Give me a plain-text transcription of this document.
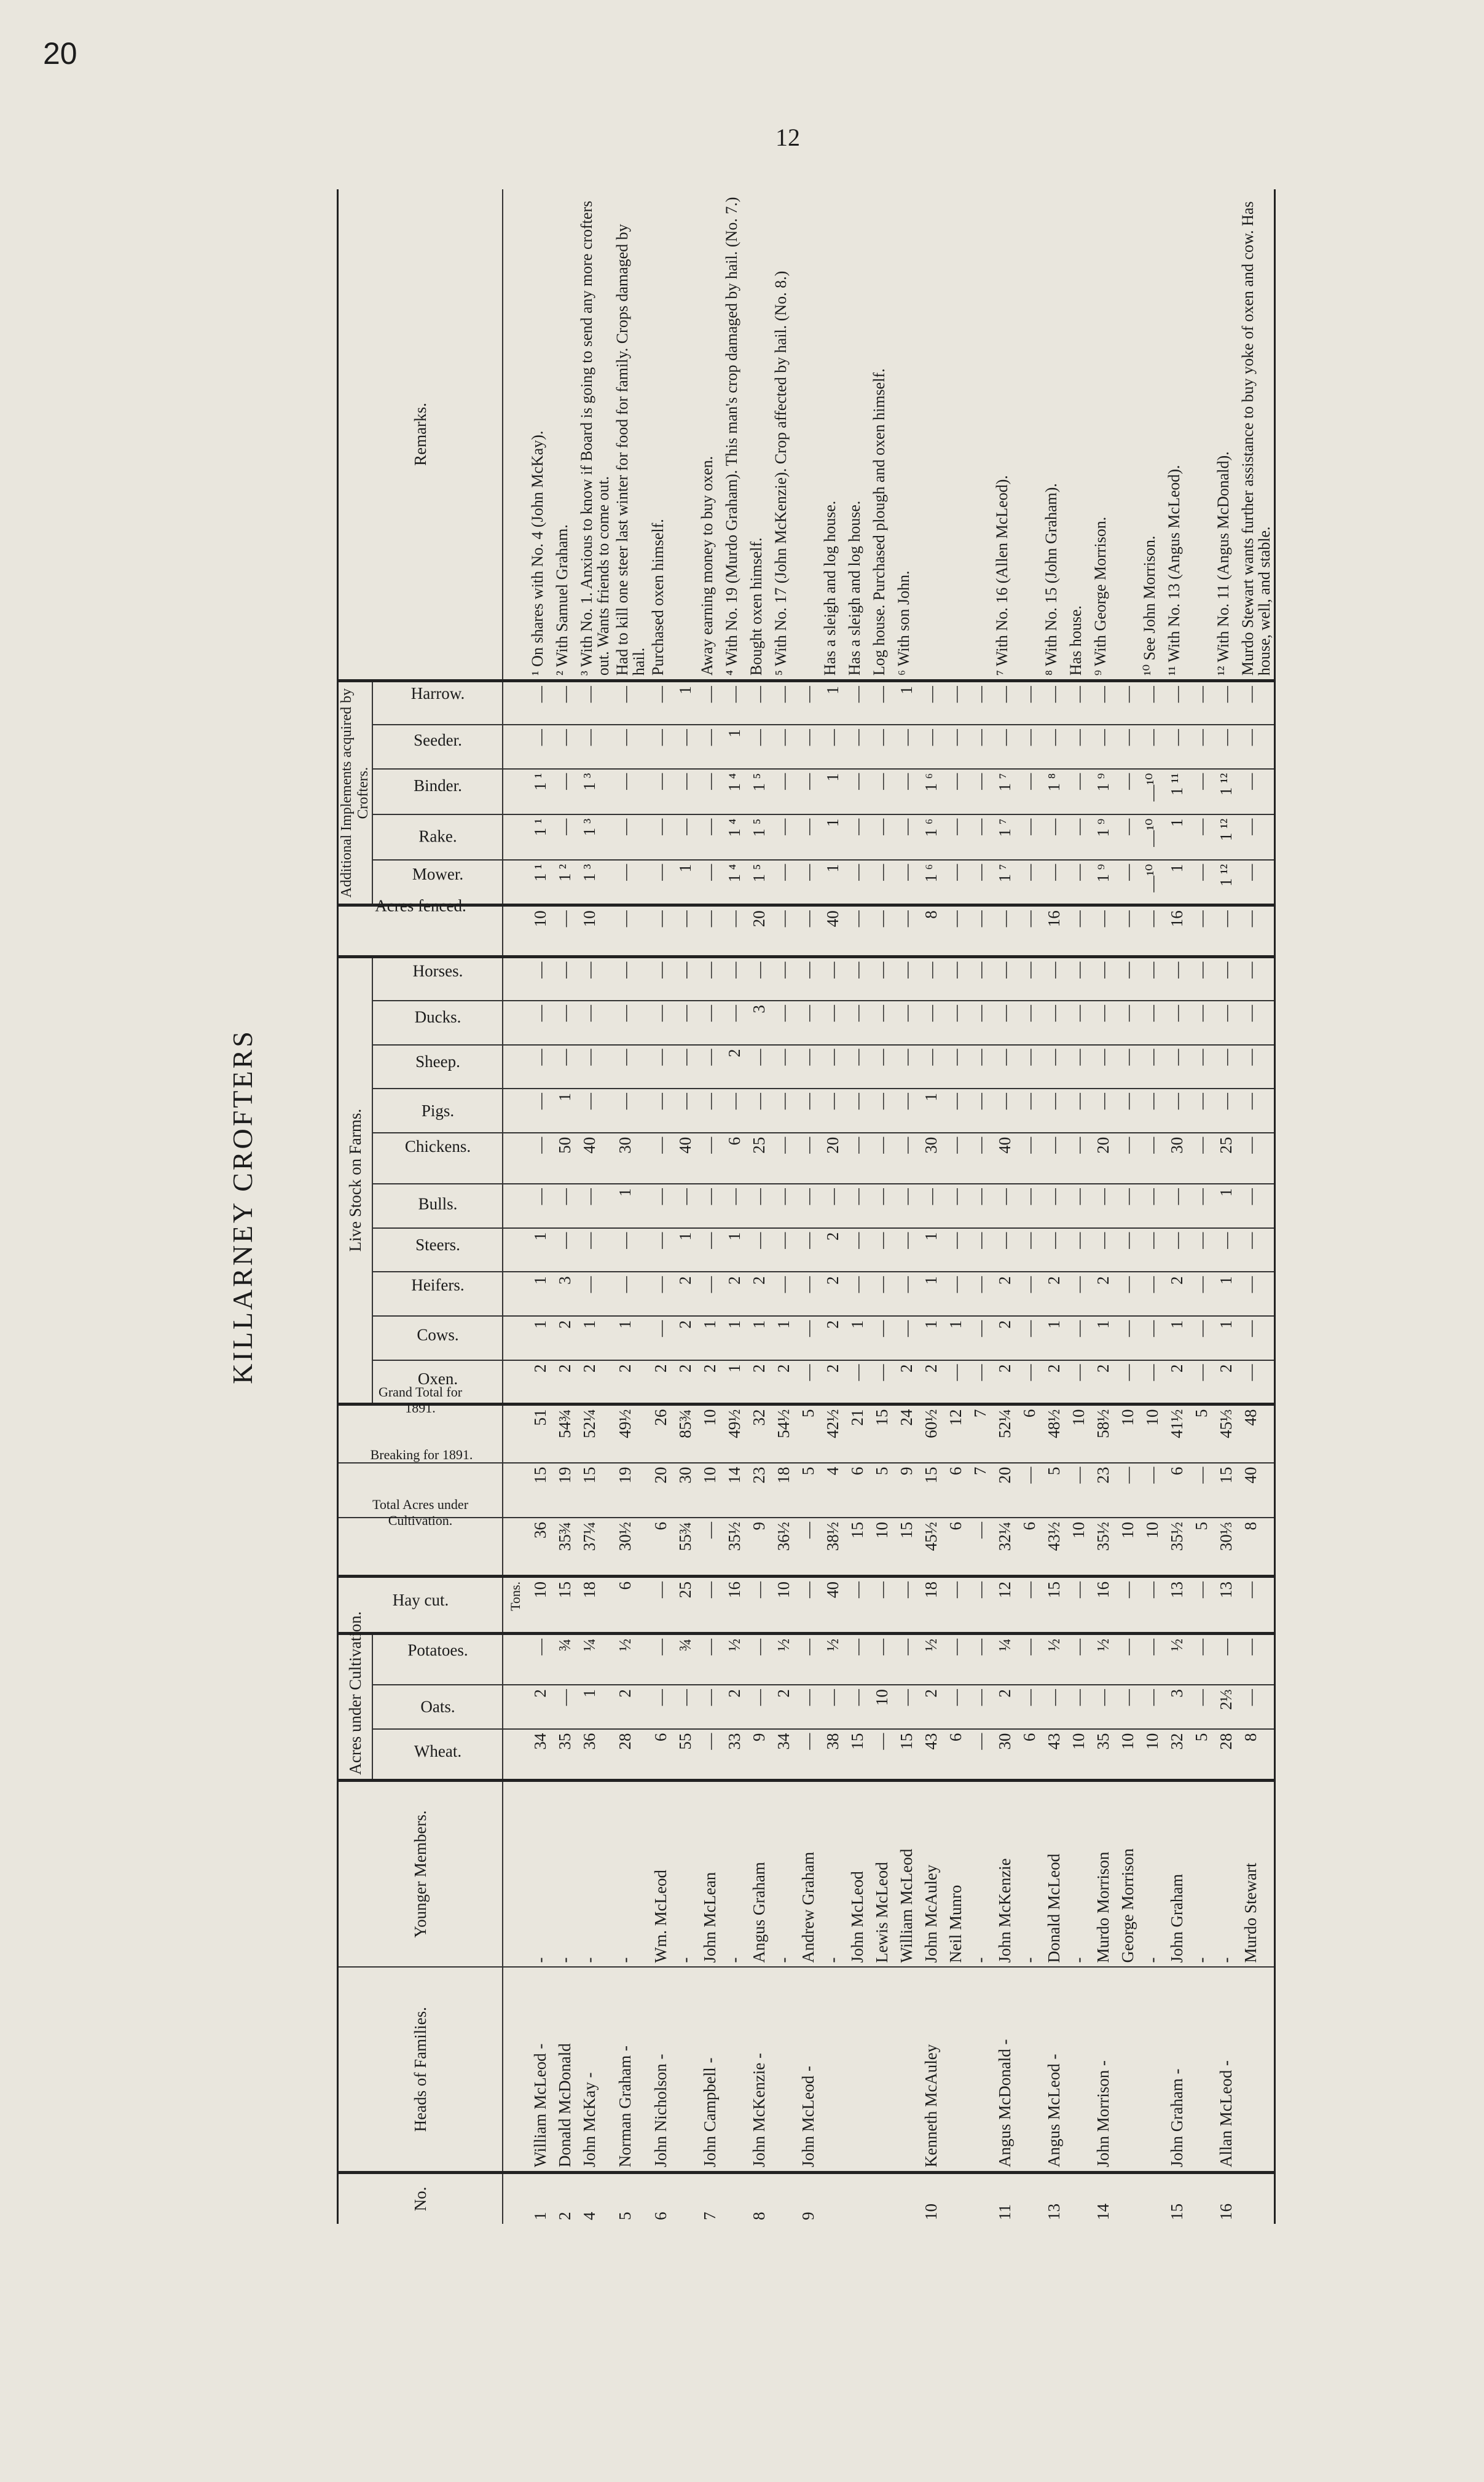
20
12
KILLARNEY CROFTERS
No.	Heads of Families.	Younger Members.	Acres under Cultivation.			Hay cut.	Total Acres under Cultivation.	Breaking for 1891.	Grand Total for 1891.	Live Stock on Farms.										Acres fenced.	Additional Implements acquired by Crofters.					Remarks.
			Wheat.	Oats.	Potatoes.					Oxen.	Cows.	Heifers.	Steers.	Bulls.	Chickens.	Pigs.	Sheep.	Ducks.	Horses.		Mower.	Rake.	Binder.	Seeder.	Harrow.	
						Tons.																				
1	William McLeod -	-	34	2	—	10	36	15	51	2	1	1	1	—	—	—	—	—	—	10	1 ¹	1 ¹	1 ¹	—	—	¹ On shares with No. 4 (John McKay).
2	Donald McDonald	-	35	—	¾	15	35¾	19	54¾	2	2	3	—	—	50	1	—	—	—	—	1 ²	—	—	—	—	² With Samuel Graham.
4	John McKay -	-	36	1	¼	18	37¼	15	52¼	2	1	—	—	—	40	—	—	—	—	10	1 ³	1 ³	1 ³	—	—	³ With No. 1. Anxious to know if Board is going to send any more crofters out. Wants friends to come out.
5	Norman Graham -	-	28	2	½	6	30½	19	49½	2	1	—	—	1	30	—	—	—	—	—	—	—	—	—	—	Had to kill one steer last winter for food for family. Crops damaged by hail.
6	John Nicholson -	Wm. McLeod	6	—	—	—	6	20	26	2	—	—	—	—	—	—	—	—	—	—	—	—	—	—	—	Purchased oxen himself.
		-	55	—	¾	25	55¾	30	85¾	2	2	2	1	—	40	—	—	—	—	—	1	—	—	—	1	
7	John Campbell -	John McLean	—	—	—	—	—	10	10	2	1	—	—	—	—	—	—	—	—	—	—	—	—	—	—	Away earning money to buy oxen.
		-	33	2	½	16	35½	14	49½	1	1	2	1	—	6	—	2	—	—	—	1 ⁴	1 ⁴	1 ⁴	1	—	⁴ With No. 19 (Murdo Graham). This man's crop damaged by hail. (No. 7.)
8	John McKenzie -	Angus Graham	9	—	—	—	9	23	32	2	1	2	—	—	25	—	—	3	—	20	1 ⁵	1 ⁵	1 ⁵	—	—	Bought oxen himself.
		-	34	2	½	10	36½	18	54½	2	1	—	—	—	—	—	—	—	—	—	—	—	—	—	—	⁵ With No. 17 (John McKenzie). Crop affected by hail. (No. 8.)
9	John McLeod -	Andrew Graham	—	—	—	—	—	5	5	—	—	—	—	—	—	—	—	—	—	—	—	—	—	—	—	
		-	38	—	½	40	38½	4	42½	2	2	2	2	—	20	—	—	—	—	40	1	1	1	—	1	Has a sleigh and log house.
		John McLeod	15	—	—	—	15	6	21	—	1	—	—	—	—	—	—	—	—	—	—	—	—	—	—	Has a sleigh and log house.
		Lewis McLeod	—	10	—	—	10	5	15	—	—	—	—	—	—	—	—	—	—	—	—	—	—	—	—	Log house. Purchased plough and oxen himself.
		William McLeod	15	—	—	—	15	9	24	2	—	—	—	—	—	—	—	—	—	—	—	—	—	—	1	⁶ With son John.
10	Kenneth McAuley	John McAuley	43	2	½	18	45½	15	60½	2	1	1	1	—	30	1	—	—	—	8	1 ⁶	1 ⁶	1 ⁶	—	—	
		Neil Munro	6	—	—	—	6	6	12	—	1	—	—	—	—	—	—	—	—	—	—	—	—	—	—	
		-	—	—	—	—	—	7	7	—	—	—	—	—	—	—	—	—	—	—	—	—	—	—	—	
11	Angus McDonald -	John McKenzie	30	2	¼	12	32¼	20	52¼	2	2	2	—	—	40	—	—	—	—	—	1 ⁷	1 ⁷	1 ⁷	—	—	⁷ With No. 16 (Allen McLeod).
		-	6	—	—	—	6	—	6	—	—	—	—	—	—	—	—	—	—	—	—	—	—	—	—	
13	Angus McLeod -	Donald McLeod	43	—	½	15	43½	5	48½	2	1	2	—	—	—	—	—	—	—	16	—	—	1 ⁸	—	—	⁸ With No. 15 (John Graham).
		-	10	—	—	—	10	—	10	—	—	—	—	—	—	—	—	—	—	—	—	—	—	—	—	Has house.
14	John Morrison -	Murdo Morrison	35	—	½	16	35½	23	58½	2	1	2	—	—	20	—	—	—	—	—	1 ⁹	1 ⁹	1 ⁹	—	—	⁹ With George Morrison.
		George Morrison	10	—	—	—	10	—	10	—	—	—	—	—	—	—	—	—	—	—	—	—	—	—	—	
		-	10	—	—	—	10	—	10	—	—	—	—	—	—	—	—	—	—	—	—¹⁰	—¹⁰	—¹⁰	—	—	¹⁰ See John Morrison.
15	John Graham -	John Graham	32	3	½	13	35½	6	41½	2	1	2	—	—	30	—	—	—	—	16	1	1	1 ¹¹	—	—	¹¹ With No. 13 (Angus McLeod).
		-	5	—	—	—	5	—	5	—	—	—	—	—	—	—	—	—	—	—	—	—	—	—	—	
16	Allan McLeod -	-	28	2⅓	—	13	30⅓	15	45⅓	2	1	1	—	1	25	—	—	—	—	—	1 ¹²	1 ¹²	1 ¹²	—	—	¹² With No. 11 (Angus McDonald).
		Murdo Stewart	8	—	—	—	8	40	48	—	—	—	—	—	—	—	—	—	—	—	—	—	—	—	—	Murdo Stewart wants further assistance to buy yoke of oxen and cow. Has house, well, and stable.
